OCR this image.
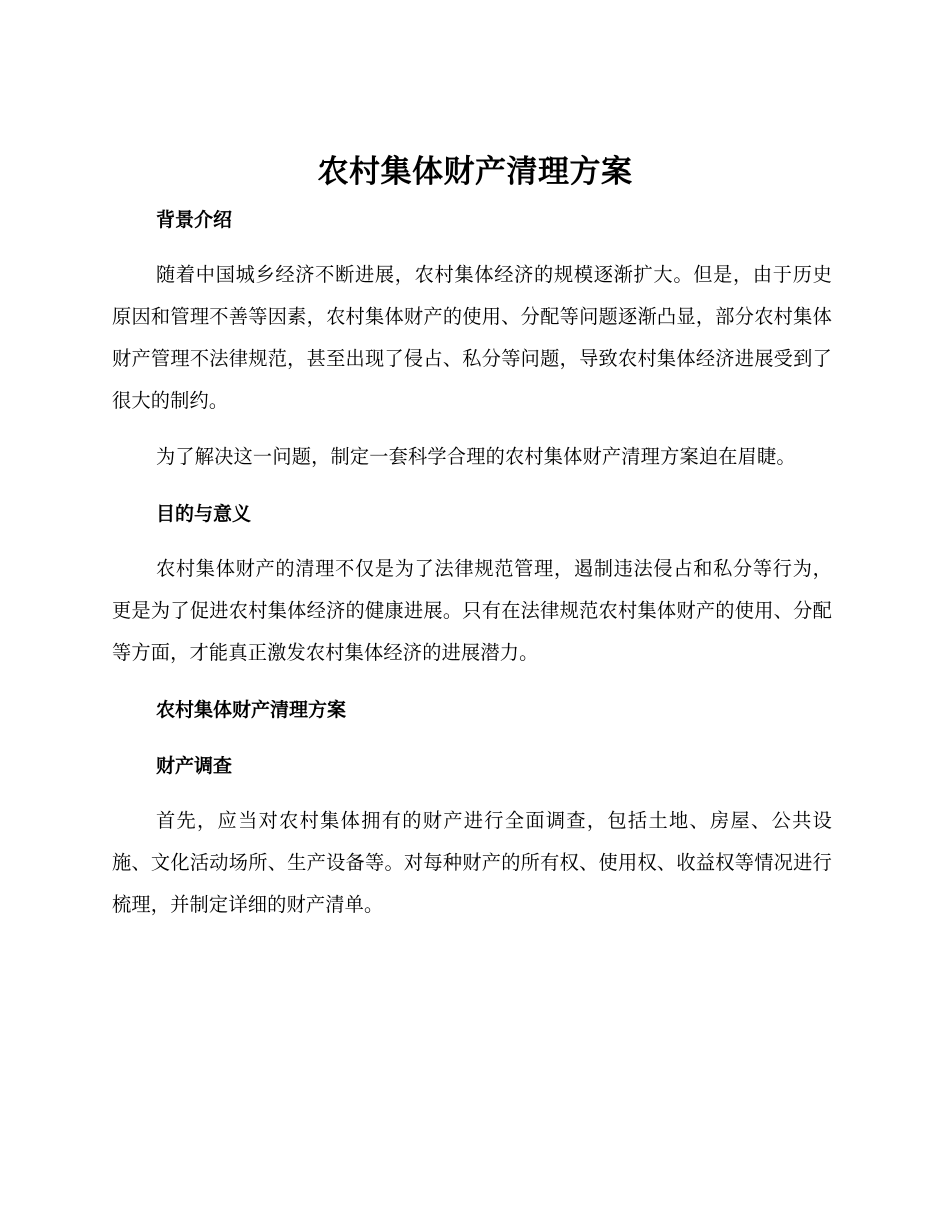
农村集体财产清理方案
背景介绍

随着中国城乡经济不断进展，农村集体经济的规模逐渐扩大。但是，由于历史原因和管理不善等因素，农村集体财产的使用、分配等问题逐渐凸显，部分农村集体财产管理不法律规范，甚至出现了侵占、私分等问题，导致农村集体经济进展受到了很大的制约。

为了解决这一问题，制定一套科学合理的农村集体财产清理方案迫在眉睫。

目的与意义

农村集体财产的清理不仅是为了法律规范管理，遏制违法侵占和私分等行为，更是为了促进农村集体经济的健康进展。只有在法律规范农村集体财产的使用、分配等方面，才能真正激发农村集体经济的进展潜力。

农村集体财产清理方案
财产调查

首先，应当对农村集体拥有的财产进行全面调查，包括土地、房屋、公共设施、文化活动场所、生产设备等。对每种财产的所有权、使用权、收益权等情况进行梳理，并制定详细的财产清单。
